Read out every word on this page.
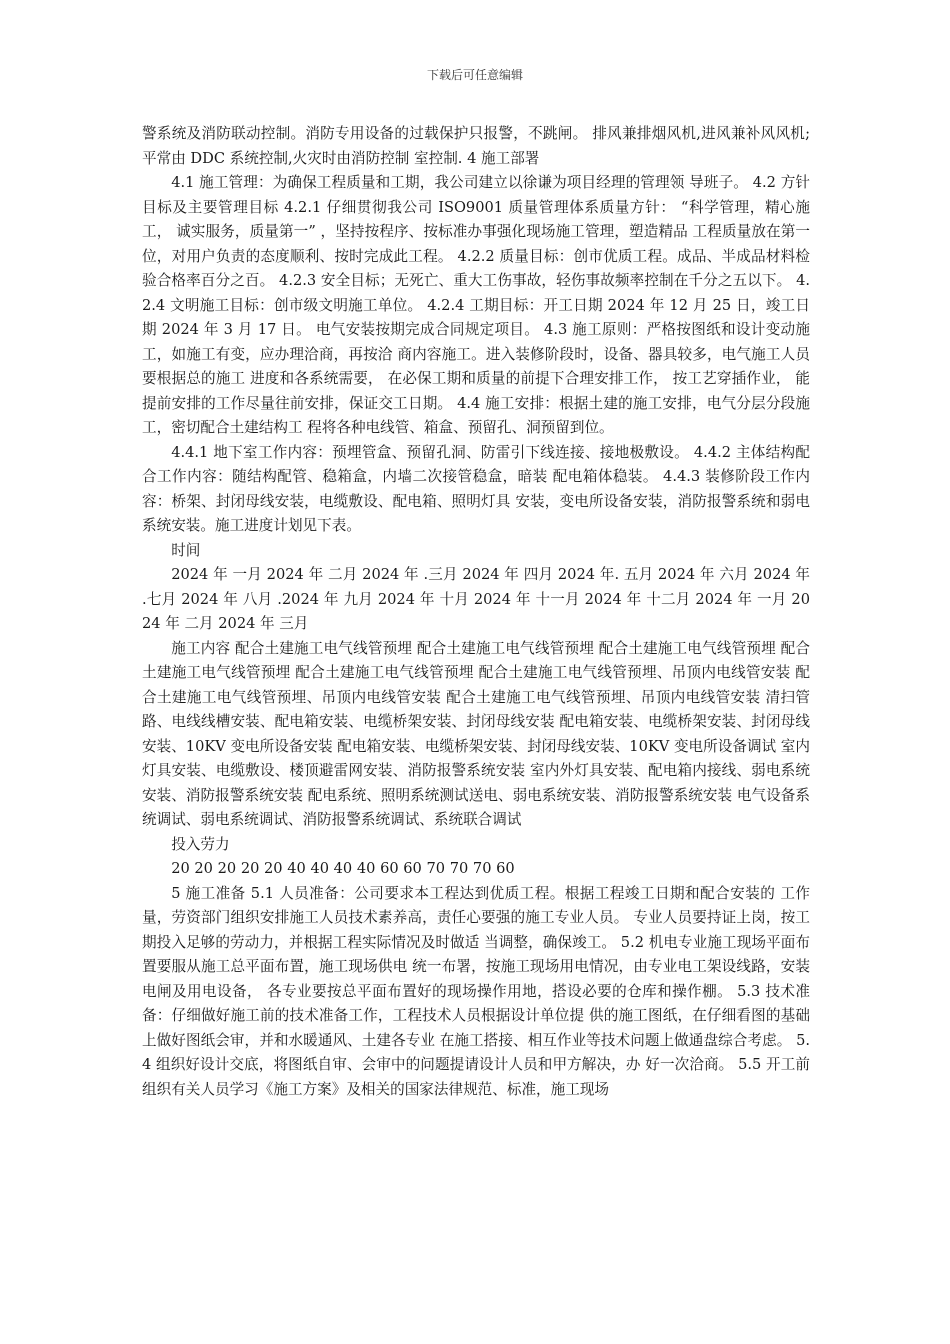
下载后可任意编辑

警系统及消防联动控制。消防专用设备的过载保护只报警，不跳闸。 排风兼排烟风机,进风兼补风风机;平常由 DDC 系统控制,火灾时由消防控制 室控制. 4 施工部署

4.1 施工管理：为确保工程质量和工期，我公司建立以徐谦为项目经理的管理领 导班子。 4.2 方针目标及主要管理目标 4.2.1 仔细贯彻我公司 ISO9001 质量管理体系质量方针： “科学管理，精心施工， 诚实服务，质量第一” ，坚持按程序、按标准办事强化现场施工管理，塑造精品 工程质量放在第一位，对用户负责的态度顺利、按时完成此工程。 4.2.2 质量目标：创市优质工程。成品、半成品材料检验合格率百分之百。 4.2.3 安全目标；无死亡、重大工伤事故，轻伤事故频率控制在千分之五以下。 4.2.4 文明施工目标：创市级文明施工单位。 4.2.4 工期目标：开工日期 2024 年 12 月 25 日，竣工日期 2024 年 3 月 17 日。 电气安装按期完成合同规定项目。 4.3 施工原则：严格按图纸和设计变动施工，如施工有变，应办理洽商，再按洽 商内容施工。进入装修阶段时，设备、器具较多，电气施工人员要根据总的施工 进度和各系统需要， 在必保工期和质量的前提下合理安排工作， 按工艺穿插作业， 能提前安排的工作尽量往前安排，保证交工日期。 4.4 施工安排：根据土建的施工安排，电气分层分段施工，密切配合土建结构工 程将各种电线管、箱盒、预留孔、洞预留到位。

4.4.1 地下室工作内容：预埋管盒、预留孔洞、防雷引下线连接、接地极敷设。 4.4.2 主体结构配合工作内容：随结构配管、稳箱盒，内墙二次接管稳盒，暗装 配电箱体稳装。 4.4.3 装修阶段工作内容：桥架、封闭母线安装，电缆敷设、配电箱、照明灯具 安装，变电所设备安装，消防报警系统和弱电系统安装。施工进度计划见下表。

时间

2024 年 一月 2024 年 二月 2024 年 .三月 2024 年 四月 2024 年. 五月 2024 年 六月 2024 年 .七月 2024 年 八月 .2024 年 九月 2024 年 十月 2024 年 十一月 2024 年 十二月 2024 年 一月 2024 年 二月 2024 年 三月

施工内容 配合土建施工电气线管预埋 配合土建施工电气线管预埋 配合土建施工电气线管预埋 配合土建施工电气线管预埋 配合土建施工电气线管预埋 配合土建施工电气线管预埋、吊顶内电线管安装 配合土建施工电气线管预埋、吊顶内电线管安装 配合土建施工电气线管预埋、吊顶内电线管安装 清扫管路、电线线槽安装、配电箱安装、电缆桥架安装、封闭母线安装 配电箱安装、电缆桥架安装、封闭母线安装、10KV 变电所设备安装 配电箱安装、电缆桥架安装、封闭母线安装、10KV 变电所设备调试 室内灯具安装、电缆敷设、楼顶避雷网安装、消防报警系统安装 室内外灯具安装、配电箱内接线、弱电系统安装、消防报警系统安装 配电系统、照明系统测试送电、弱电系统安装、消防报警系统安装 电气设备系统调试、弱电系统调试、消防报警系统调试、系统联合调试

投入劳力

20 20 20 20 20 40 40 40 40 60 60 70 70 70 60

5 施工准备 5.1 人员准备：公司要求本工程达到优质工程。根据工程竣工日期和配合安装的 工作量，劳资部门组织安排施工人员技术素养高，责任心要强的施工专业人员。 专业人员要持证上岗，按工期投入足够的劳动力，并根据工程实际情况及时做适 当调整，确保竣工。 5.2 机电专业施工现场平面布置要服从施工总平面布置，施工现场供电 统一布署，按施工现场用电情况，由专业电工架设线路，安装电闸及用电设备， 各专业要按总平面布置好的现场操作用地，搭设必要的仓库和操作棚。 5.3 技术准备：仔细做好施工前的技术准备工作，工程技术人员根据设计单位提 供的施工图纸，在仔细看图的基础上做好图纸会审，并和水暖通风、土建各专业 在施工搭接、相互作业等技术问题上做通盘综合考虑。 5.4 组织好设计交底，将图纸自审、会审中的问题提请设计人员和甲方解决，办 好一次洽商。 5.5 开工前组织有关人员学习《施工方案》及相关的国家法律规范、标准，施工现场
